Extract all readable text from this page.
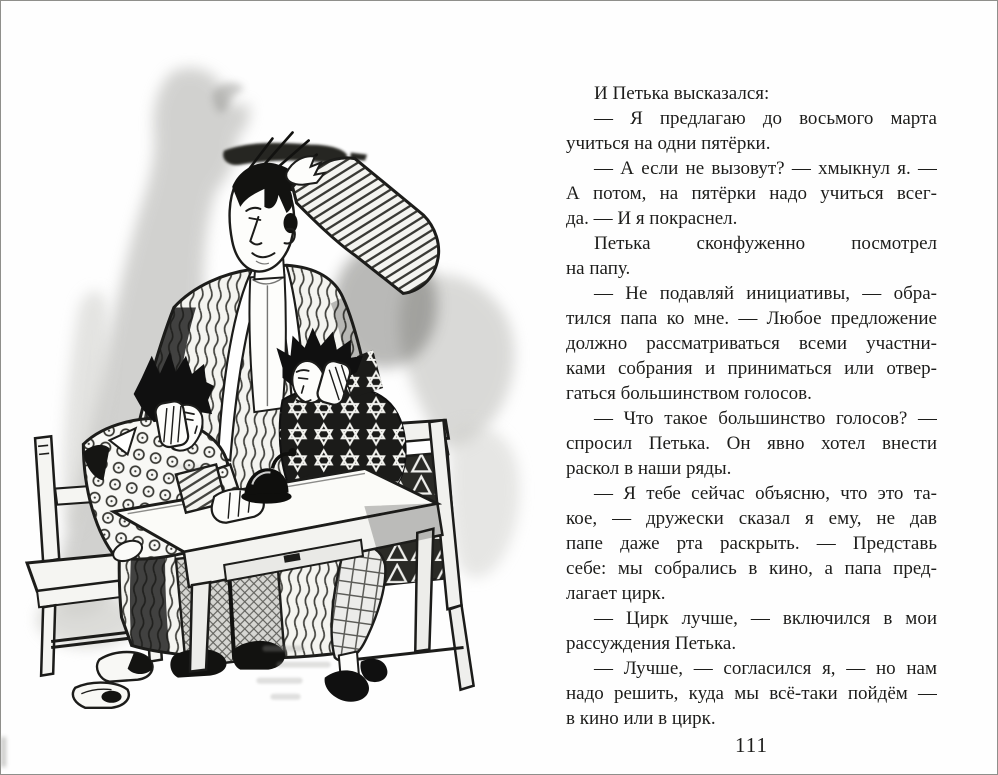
И Петька высказался:
— Я предлагаю до восьмого марта
учиться на одни пятёрки.
— А если не вызовут? — хмыкнул я. —
А потом, на пятёрки надо учиться всег-
да. — И я покраснел.
Петька сконфуженно посмотрел
на папу.
— Не подавляй инициативы, — обра-
тился папа ко мне. — Любое предложение
должно рассматриваться всеми участни-
ками собрания и приниматься или отвер-
гаться большинством голосов.
— Что такое большинство голосов? —
спросил Петька. Он явно хотел внести
раскол в наши ряды.
— Я тебе сейчас объясню, что это та-
кое, — дружески сказал я ему, не дав
папе даже рта раскрыть. — Представь
себе: мы собрались в кино, а папа пред-
лагает цирк.
— Цирк лучше, — включился в мои
рассуждения Петька.
— Лучше, — согласился я, — но нам
надо решить, куда мы всё-таки пойдём —
в кино или в цирк.
111
